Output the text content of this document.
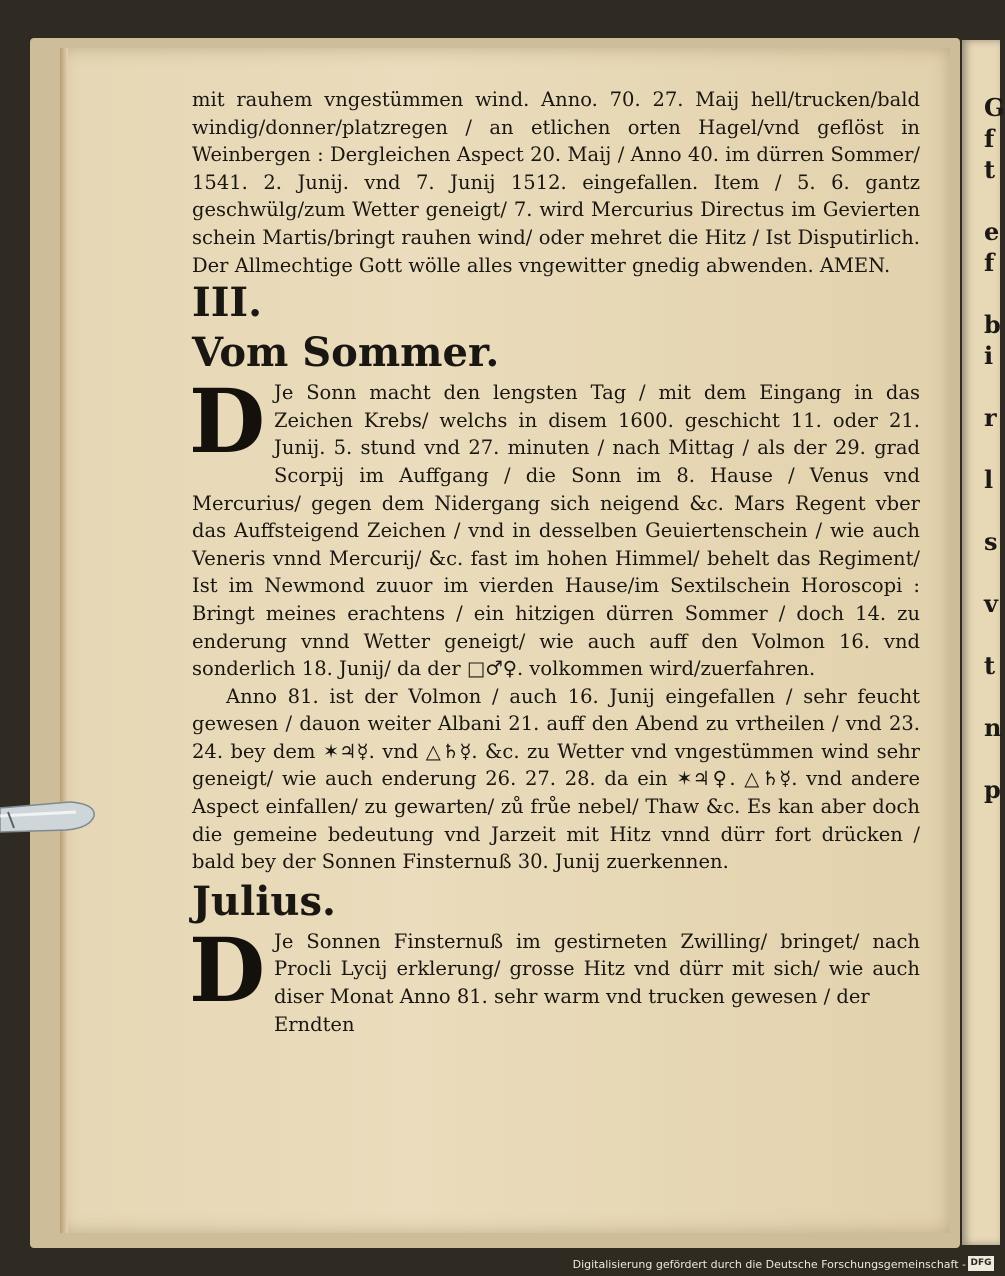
G
f
t

e
f

b
i

r

l

s

v

t

n

p

mit rauhem vngestümmen wind. Anno. 70. 27. Maij hell/trucken/bald windig/donner/platzregen / an etlichen orten Hagel/vnd geflöst in Weinbergen : Dergleichen Aspect 20. Maij / Anno 40. im dürren Sommer/ 1541. 2. Junij. vnd 7. Junij 1512. eingefallen. Item / 5. 6. gantz geschwülg/zum Wetter geneigt/ 7. wird Mercurius Directus im Gevierten schein Martis/bringt rauhen wind/ oder mehret die Hitz / Ist Disputirlich. Der Allmechtige Gott wölle alles vngewitter gnedig abwenden. AMEN.

III.

Vom Sommer.

D Je Sonn macht den lengsten Tag / mit dem Eingang in das Zeichen Krebs/ welchs in disem 1600. geschicht 11. oder 21. Junij. 5. stund vnd 27. minuten / nach Mittag / als der 29. grad Scorpij im Auffgang / die Sonn im 8. Hause / Venus vnd Mercurius/ gegen dem Nidergang sich neigend &c. Mars Regent vber das Auffsteigend Zeichen / vnd in desselben Geuiertenschein / wie auch Veneris vnnd Mercurij/ &c. fast im hohen Himmel/ behelt das Regiment/ Ist im Newmond zuuor im vierden Hause/im Sextilschein Horoscopi : Bringt meines erachtens / ein hitzigen dürren Sommer / doch 14. zu enderung vnnd Wetter geneigt/ wie auch auff den Volmon 16. vnd sonderlich 18. Junij/ da der □♂♀. volkommen wird/zuerfahren.

Anno 81. ist der Volmon / auch 16. Junij eingefallen / sehr feucht gewesen / dauon weiter Albani 21. auff den Abend zu vrtheilen / vnd 23. 24. bey dem ✶♃☿. vnd △♄☿. &c. zu Wetter vnd vngestümmen wind sehr geneigt/ wie auch enderung 26. 27. 28. da ein ✶♃♀. △♄☿. vnd andere Aspect einfallen/ zu gewarten/ zů frůe nebel/ Thaw &c. Es kan aber doch die gemeine bedeutung vnd Jarzeit mit Hitz vnnd dürr fort drücken / bald bey der Sonnen Finsternuß 30. Junij zuerkennen.

Julius.

D Je Sonnen Finsternuß im gestirneten Zwilling/ bringet/ nach Procli Lycij erklerung/ grosse Hitz vnd dürr mit sich/ wie auch diser Monat Anno 81. sehr warm vnd trucken gewesen / der

Erndten

Digitalisierung gefördert durch die Deutsche Forschungsgemeinschaft - DFG
